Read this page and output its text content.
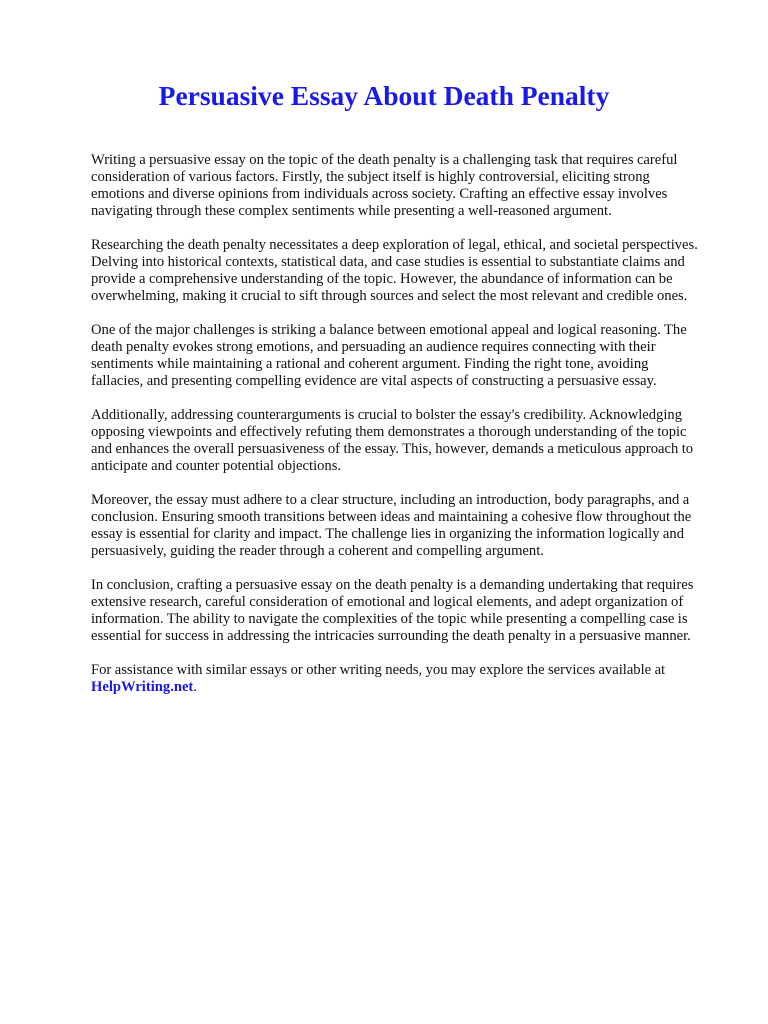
Persuasive Essay About Death Penalty

Writing a persuasive essay on the topic of the death penalty is a challenging task that requires careful consideration of various factors. Firstly, the subject itself is highly controversial, eliciting strong emotions and diverse opinions from individuals across society. Crafting an effective essay involves navigating through these complex sentiments while presenting a well-reasoned argument.

Researching the death penalty necessitates a deep exploration of legal, ethical, and societal perspectives. Delving into historical contexts, statistical data, and case studies is essential to substantiate claims and provide a comprehensive understanding of the topic. However, the abundance of information can be overwhelming, making it crucial to sift through sources and select the most relevant and credible ones.

One of the major challenges is striking a balance between emotional appeal and logical reasoning. The death penalty evokes strong emotions, and persuading an audience requires connecting with their sentiments while maintaining a rational and coherent argument. Finding the right tone, avoiding fallacies, and presenting compelling evidence are vital aspects of constructing a persuasive essay.

Additionally, addressing counterarguments is crucial to bolster the essay's credibility. Acknowledging opposing viewpoints and effectively refuting them demonstrates a thorough understanding of the topic and enhances the overall persuasiveness of the essay. This, however, demands a meticulous approach to anticipate and counter potential objections.

Moreover, the essay must adhere to a clear structure, including an introduction, body paragraphs, and a conclusion. Ensuring smooth transitions between ideas and maintaining a cohesive flow throughout the essay is essential for clarity and impact. The challenge lies in organizing the information logically and persuasively, guiding the reader through a coherent and compelling argument.

In conclusion, crafting a persuasive essay on the death penalty is a demanding undertaking that requires extensive research, careful consideration of emotional and logical elements, and adept organization of information. The ability to navigate the complexities of the topic while presenting a compelling case is essential for success in addressing the intricacies surrounding the death penalty in a persuasive manner.

For assistance with similar essays or other writing needs, you may explore the services available at HelpWriting.net.
